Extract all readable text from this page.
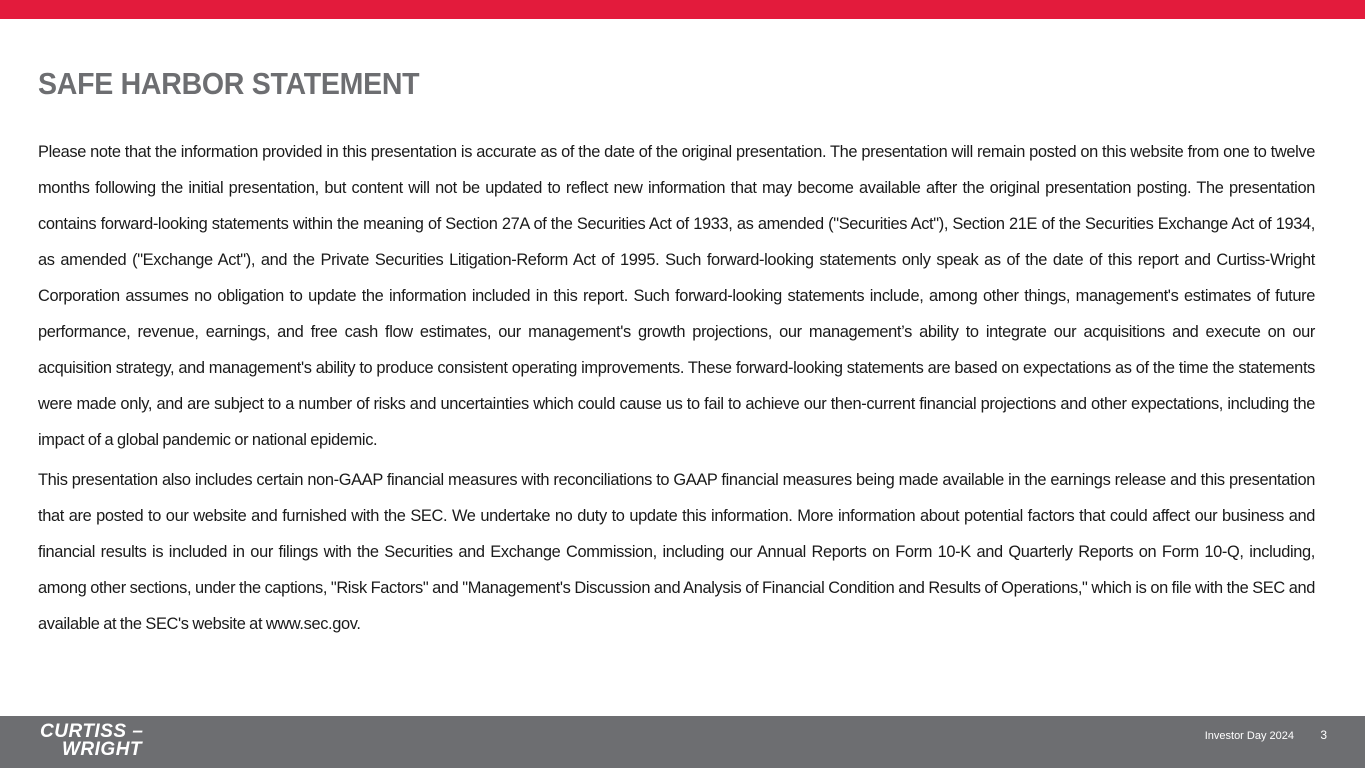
SAFE HARBOR STATEMENT

Please note that the information provided in this presentation is accurate as of the date of the original presentation. The presentation will remain posted on this website from one to twelve months following the initial presentation, but content will not be updated to reflect new information that may become available after the original presentation posting. The presentation contains forward-looking statements within the meaning of Section 27A of the Securities Act of 1933, as amended ("Securities Act"), Section 21E of the Securities Exchange Act of 1934, as amended ("Exchange Act"), and the Private Securities Litigation-Reform Act of 1995. Such forward-looking statements only speak as of the date of this report and Curtiss-Wright Corporation assumes no obligation to update the information included in this report. Such forward-looking statements include, among other things, management's estimates of future performance, revenue, earnings, and free cash flow estimates, our management's growth projections, our management’s ability to integrate our acquisitions and execute on our acquisition strategy, and management's ability to produce consistent operating improvements. These forward-looking statements are based on expectations as of the time the statements were made only, and are subject to a number of risks and uncertainties which could cause us to fail to achieve our then-current financial projections and other expectations, including the impact of a global pandemic or national epidemic.

This presentation also includes certain non-GAAP financial measures with reconciliations to GAAP financial measures being made available in the earnings release and this presentation that are posted to our website and furnished with the SEC. We undertake no duty to update this information. More information about potential factors that could affect our business and financial results is included in our filings with the Securities and Exchange Commission, including our Annual Reports on Form 10-K and Quarterly Reports on Form 10-Q, including, among other sections, under the captions, "Risk Factors" and "Management's Discussion and Analysis of Financial Condition and Results of Operations," which is on file with the SEC and available at the SEC's website at www.sec.gov.

CURTISS –
WRIGHT
Investor Day 2024 3
